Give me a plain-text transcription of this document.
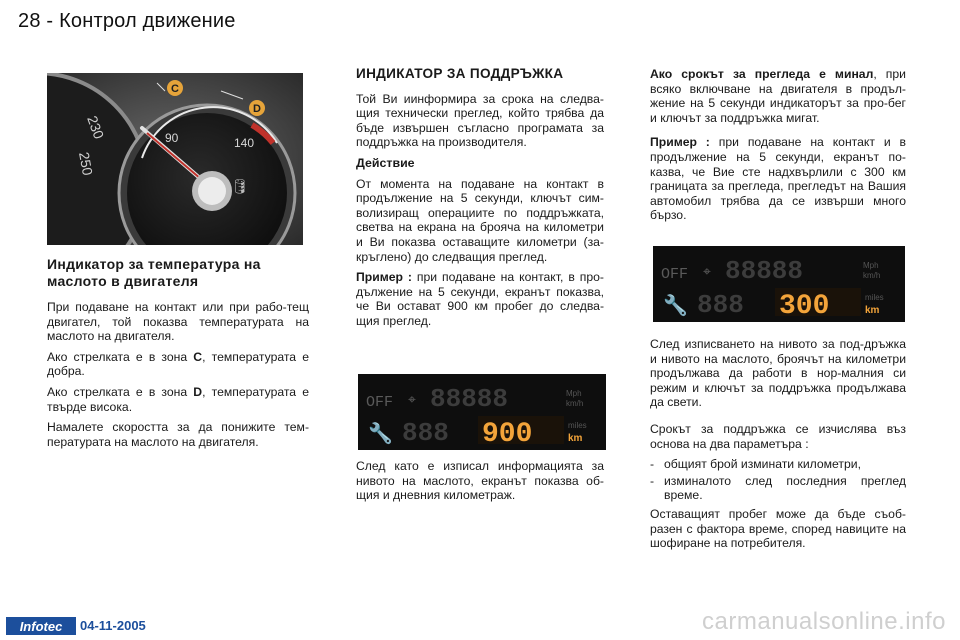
28 - Контрол движение
230
250
90	140
C
D
🛢
Индикатор за температура на маслото в двигателя

При подаване на контакт или при рабо-тещ двигател, той показва температурата на маслото на двигателя.

Ако стрелката е в зона C, температурата е добра.

Ако стрелката е в зона D, температурата е твърде висока.

Намалете скоростта за да понижите тем-пературата на маслото на двигателя.

ИНДИКАТОР ЗА ПОДДРЪЖКА

Той Ви иинформира за срока на следва-щия технически преглед, който трябва да бъде извършен съгласно програмата за поддръжка на производителя.

Действие

От момента на подаване на контакт в продължение на 5 секунди, ключът сим-волизиращ операциите по поддръжката, светва на екрана на брояча на километри и Ви показва оставащите километри (за-кръглено) до следващия преглед.

Пример : при подаване на контакт, в про-дължение на 5 секунди, екранът показва, че Ви остават 900 км пробег до следва-щия преглед.

OFF ⌖ 88888	Mph
km/h
🔧 888 900	miles
km

След като е изписал информацията за нивото на маслото, екранът показва об-щия и дневния километраж.

Ако срокът за прегледа е минал, при всяко включване на двигателя в продъл-жение на 5 секунди индикаторът за про-бег и ключът за поддръжка мигат.

Пример : при подаване на контакт и в продължение на 5 секунди, екранът по-казва, че Вие сте надхвърлили с 300 км границата за прегледа, прегледът на Вашия автомобил трябва да се извърши много бързо.

OFF ⌖ 88888	Mph
km/h
🔧 888 300	miles
km

След изписването на нивото за под-дръжка и нивото на маслото, броячът на километри продължава да работи в нор-малния си режим и ключът за поддръжка продължава да свети.

Срокът за поддръжка се изчислява въз основа на два параметъра :

- общият брой изминати километри,
- изминалото след последния преглед време.

Оставащият пробег може да бъде съоб-разен с фактора време, според навиците на шофиране на потребителя.

Infotec	04-11-2005	carmanualsonline.info
